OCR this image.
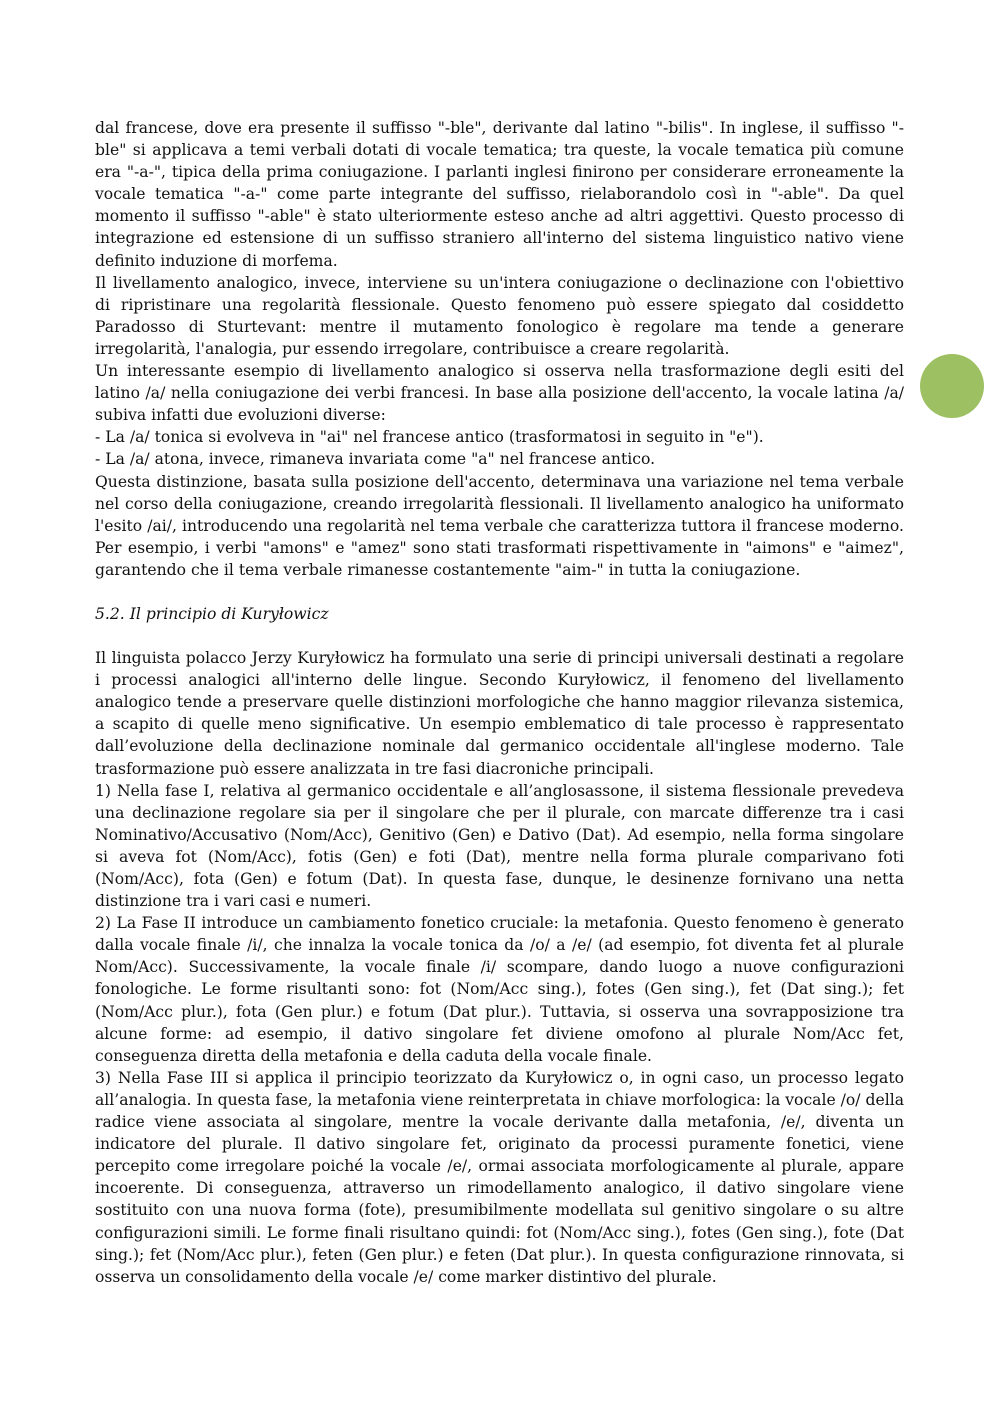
dal francese, dove era presente il suffisso "-ble", derivante dal latino "-bilis". In inglese, il suffisso "-ble" si applicava a temi verbali dotati di vocale tematica; tra queste, la vocale tematica più comune era "-a-", tipica della prima coniugazione. I parlanti inglesi finirono per considerare erroneamente la vocale tematica "-a-" come parte integrante del suffisso, rielaborandolo così in "-able". Da quel momento il suffisso "-able" è stato ulteriormente esteso anche ad altri aggettivi. Questo processo di integrazione ed estensione di un suffisso straniero all'interno del sistema linguistico nativo viene definito induzione di morfema.

Il livellamento analogico, invece, interviene su un'intera coniugazione o declinazione con l'obiettivo di ripristinare una regolarità flessionale. Questo fenomeno può essere spiegato dal cosiddetto Paradosso di Sturtevant: mentre il mutamento fonologico è regolare ma tende a generare irregolarità, l'analogia, pur essendo irregolare, contribuisce a creare regolarità.

Un interessante esempio di livellamento analogico si osserva nella trasformazione degli esiti del latino /a/ nella coniugazione dei verbi francesi. In base alla posizione dell'accento, la vocale latina /a/ subiva infatti due evoluzioni diverse:

- La /a/ tonica si evolveva in "ai" nel francese antico (trasformatosi in seguito in "e").

- La /a/ atona, invece, rimaneva invariata come "a" nel francese antico.

Questa distinzione, basata sulla posizione dell'accento, determinava una variazione nel tema verbale nel corso della coniugazione, creando irregolarità flessionali. Il livellamento analogico ha uniformato l'esito /ai/, introducendo una regolarità nel tema verbale che caratterizza tuttora il francese moderno. Per esempio, i verbi "amons" e "amez" sono stati trasformati rispettivamente in "aimons" e "aimez", garantendo che il tema verbale rimanesse costantemente "aim-" in tutta la coniugazione.

5.2. Il principio di Kuryłowicz

Il linguista polacco Jerzy Kuryłowicz ha formulato una serie di principi universali destinati a regolare i processi analogici all'interno delle lingue. Secondo Kuryłowicz, il fenomeno del livellamento analogico tende a preservare quelle distinzioni morfologiche che hanno maggior rilevanza sistemica, a scapito di quelle meno significative. Un esempio emblematico di tale processo è rappresentato dall’evoluzione della declinazione nominale dal germanico occidentale all'inglese moderno. Tale trasformazione può essere analizzata in tre fasi diacroniche principali.

1) Nella fase I, relativa al germanico occidentale e all’anglosassone, il sistema flessionale prevedeva una declinazione regolare sia per il singolare che per il plurale, con marcate differenze tra i casi Nominativo/Accusativo (Nom/Acc), Genitivo (Gen) e Dativo (Dat). Ad esempio, nella forma singolare si aveva fot (Nom/Acc), fotis (Gen) e foti (Dat), mentre nella forma plurale comparivano foti (Nom/Acc), fota (Gen) e fotum (Dat). In questa fase, dunque, le desinenze fornivano una netta distinzione tra i vari casi e numeri.

2) La Fase II introduce un cambiamento fonetico cruciale: la metafonia. Questo fenomeno è generato dalla vocale finale /i/, che innalza la vocale tonica da /o/ a /e/ (ad esempio, fot diventa fet al plurale Nom/Acc). Successivamente, la vocale finale /i/ scompare, dando luogo a nuove configurazioni fonologiche. Le forme risultanti sono: fot (Nom/Acc sing.), fotes (Gen sing.), fet (Dat sing.); fet (Nom/Acc plur.), fota (Gen plur.) e fotum (Dat plur.). Tuttavia, si osserva una sovrapposizione tra alcune forme: ad esempio, il dativo singolare fet diviene omofono al plurale Nom/Acc fet, conseguenza diretta della metafonia e della caduta della vocale finale.

3) Nella Fase III si applica il principio teorizzato da Kuryłowicz o, in ogni caso, un processo legato all’analogia. In questa fase, la metafonia viene reinterpretata in chiave morfologica: la vocale /o/ della radice viene associata al singolare, mentre la vocale derivante dalla metafonia, /e/, diventa un indicatore del plurale. Il dativo singolare fet, originato da processi puramente fonetici, viene percepito come irregolare poiché la vocale /e/, ormai associata morfologicamente al plurale, appare incoerente. Di conseguenza, attraverso un rimodellamento analogico, il dativo singolare viene sostituito con una nuova forma (fote), presumibilmente modellata sul genitivo singolare o su altre configurazioni simili. Le forme finali risultano quindi: fot (Nom/Acc sing.), fotes (Gen sing.), fote (Dat sing.); fet (Nom/Acc plur.), feten (Gen plur.) e feten (Dat plur.). In questa configurazione rinnovata, si osserva un consolidamento della vocale /e/ come marker distintivo del plurale.
